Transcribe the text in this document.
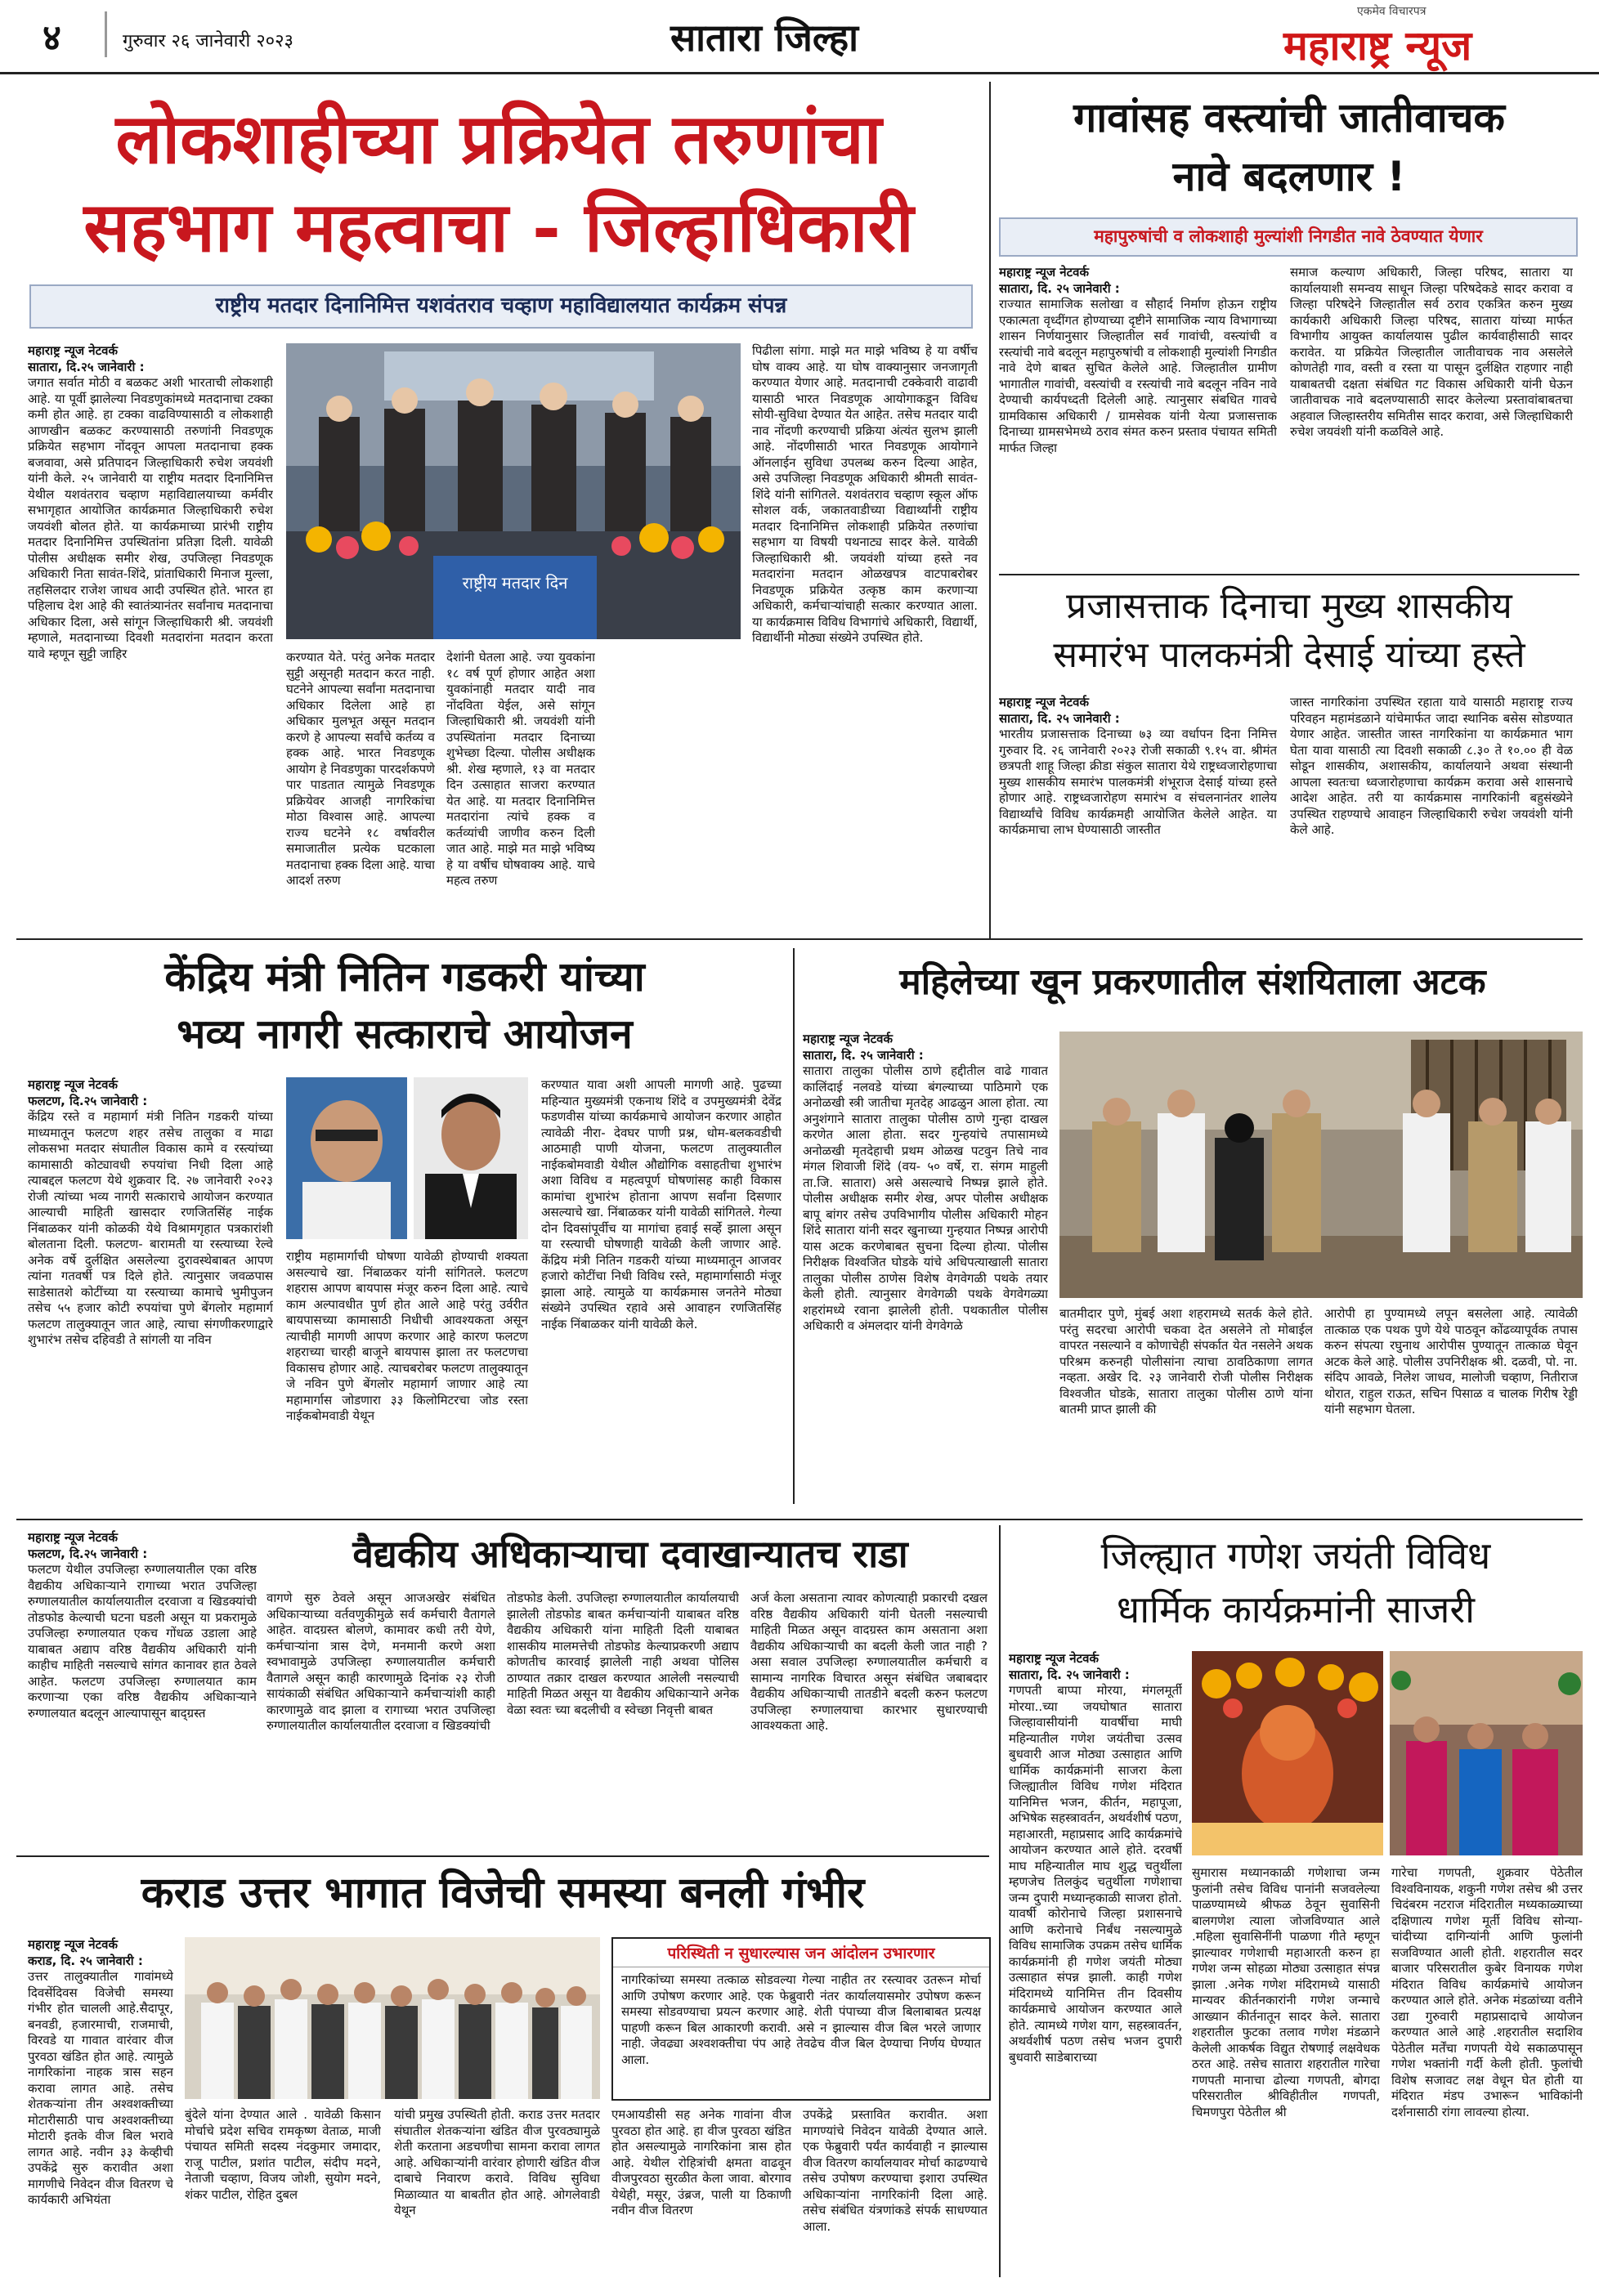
४	गुरुवार २६ जानेवारी २०२३	सातारा जिल्हा
एकमेव विचारपत्र
महाराष्ट्र न्यूज
लोकशाहीच्या प्रक्रियेत तरुणांचा
सहभाग महत्वाचा - जिल्हाधिकारी
राष्ट्रीय मतदार दिनानिमित्त यशवंतराव चव्हाण महाविद्यालयात कार्यक्रम संपन्न
महाराष्ट्र न्यूज नेटवर्क
सातारा, दि.२५ जानेवारी :
जगात सर्वात मोठी व बळकट अशी भारताची लोकशाही आहे. या पूर्वी झालेल्या निवडणुकांमध्ये मतदानाचा टक्का कमी होत आहे. हा टक्का वाढविण्यासाठी व लोकशाही आणखीन बळकट करण्यासाठी तरुणांनी निवडणूक प्रक्रियेत सहभाग नोंदवून आपला मतदानाचा हक्क बजवावा, असे प्रतिपादन जिल्हाधिकारी रुचेश जयवंशी यांनी केले. २५ जानेवारी या राष्ट्रीय मतदार दिनानिमित्त येथील यशवंतराव चव्हाण महाविद्यालयाच्या कर्मवीर सभागृहात आयोजित कार्यक्रमात जिल्हाधिकारी रुचेश जयवंशी बोलत होते. या कार्यक्रमाच्या प्रारंभी राष्ट्रीय मतदार दिनानिमित्त उपस्थितांना प्रतिज्ञा दिली. यावेळी पोलीस अधीक्षक समीर शेख, उपजिल्हा निवडणूक अधिकारी निता सावंत-शिंदे, प्रांताधिकारी मिनाज मुल्ला, तहसिलदार राजेश जाधव आदी उपस्थित होते. भारत हा पहिलाच देश आहे की स्वातंत्र्यानंतर सर्वांनाच मतदानाचा अधिकार दिला, असे सांगून जिल्हाधिकारी श्री. जयवंशी म्हणाले, मतदानाच्या दिवशी मतदारांना मतदान करता यावे म्हणून सुट्टी जाहिर
राष्ट्रीय मतदार दिन
करण्यात येते. परंतु अनेक मतदार सुट्टी असूनही मतदान करत नाही. घटनेने आपल्या सर्वांना मतदानाचा अधिकार दिलेला आहे हा अधिकार मुलभूत असून मतदान करणे हे आपल्या सर्वांचे कर्तव्य व हक्क आहे. भारत निवडणूक आयोग हे निवडणुका पारदर्शकपणे पार पाडतात त्यामुळे निवडणूक प्रक्रियेवर आजही नागरिकांचा मोठा विश्वास आहे. आपल्या राज्य घटनेने १८ वर्षावरील समाजातील प्रत्येक घटकाला मतदानाचा हक्क दिला आहे. याचा आदर्श तरुण
देशांनी घेतला आहे. ज्या युवकांना १८ वर्ष पूर्ण होणार आहेत अशा युवकांनाही मतदार यादी नाव नोंदविता येईल, असे सांगून जिल्हाधिकारी श्री. जयवंशी यांनी उपस्थितांना मतदार दिनाच्या शुभेच्छा दिल्या. पोलीस अधीक्षक श्री. शेख म्हणाले, १३ वा मतदार दिन उत्साहात साजरा करण्यात येत आहे. या मतदार दिनानिमित्त मतदारांना त्यांचे हक्क व कर्तव्यांची जाणीव करुन दिली जात आहे. माझे मत माझे भविष्य हे या वर्षीच घोषवाक्य आहे. याचे महत्व तरुण
पिढीला सांगा. माझे मत माझे भविष्य हे या वर्षीच घोष वाक्य आहे. या घोष वाक्यानुसार जनजागृती करण्यात येणार आहे. मतदानाची टक्केवारी वाढावी यासाठी भारत निवडणूक आयोगाकडून विविध सोयी-सुविधा देण्यात येत आहेत. तसेच मतदार यादी नाव नोंदणी करण्याची प्रक्रिया अंत्यंत सुलभ झाली आहे. नोंदणीसाठी भारत निवडणूक आयोगाने ऑनलाईन सुविधा उपलब्ध करुन दिल्या आहेत, असे उपजिल्हा निवडणूक अधिकारी श्रीमती सावंत-शिंदे यांनी सांगितले. यशवंतराव चव्हाण स्कूल ऑफ सोशल वर्क, जकातवाडीच्या विद्यार्थ्यांनी राष्ट्रीय मतदार दिनानिमित्त लोकशाही प्रक्रियेत तरुणांचा सहभाग या विषयी पथनाट्य सादर केले. यावेळी जिल्हाधिकारी श्री. जयवंशी यांच्या हस्ते नव मतदारांना मतदान ओळखपत्र वाटपाबरोबर निवडणूक प्रक्रियेत उत्कृष्ठ काम करणाऱ्या अधिकारी, कर्मचाऱ्यांचाही सत्कार करण्यात आला. या कार्यक्रमास विविध विभागांचे अधिकारी, विद्यार्थी, विद्यार्थीनी मोठ्या संख्येने उपस्थित होते.
गावांसह वस्त्यांची जातीवाचक
नावे बदलणार !
महापुरुषांची व लोकशाही मुल्यांशी निगडीत नावे ठेवण्यात येणार
महाराष्ट्र न्यूज नेटवर्क
सातारा, दि. २५ जानेवारी :
राज्यात सामाजिक सलोखा व सौहार्द निर्माण होऊन राष्ट्रीय एकात्मता वृध्दींगत होण्याच्या दृष्टीने सामाजिक न्याय विभागाच्या शासन निर्णयानुसार जिल्हातील सर्व गावांची, वस्त्यांची व रस्त्यांची नावे बदलून महापुरुषांची व लोकशाही मुल्यांशी निगडीत नावे देणे बाबत सुचित केलेले आहे. जिल्हातील ग्रामीण भागातील गावांची, वस्त्यांची व रस्त्यांची नावे बदलून नविन नावे देण्याची कार्यपध्दती दिलेली आहे. त्यानुसार संबधित गावचे ग्रामविकास अधिकारी / ग्रामसेवक यांनी येत्या प्रजासत्ताक दिनाच्या ग्रामसभेमध्ये ठराव संमत करुन प्रस्ताव पंचायत समिती मार्फत जिल्हा
समाज कल्याण अधिकारी, जिल्हा परिषद, सातारा या कार्यालयाशी समन्वय साधून जिल्हा परिषदेकडे सादर करावा व जिल्हा परिषदेने जिल्हातील सर्व ठराव एकत्रित करुन मुख्य कार्यकारी अधिकारी जिल्हा परिषद, सातारा यांच्या मार्फत विभागीय आयुक्त कार्यालयास पुढील कार्यवाहीसाठी सादर करावेत. या प्रक्रियेत जिल्हातील जातीवाचक नाव असलेले कोणतेही गाव, वस्ती व रस्ता या पासून दुर्लक्षित राहणार नाही याबाबतची दक्षता संबंधित गट विकास अधिकारी यांनी घेऊन जातीवाचक नावे बदलण्यासाठी सादर केलेल्या प्रस्तावांबाबतचा अहवाल जिल्हास्तरीय समितीस सादर करावा, असे जिल्हाधिकारी रुचेश जयवंशी यांनी कळविले आहे.
प्रजासत्ताक दिनाचा मुख्य शासकीय
समारंभ पालकमंत्री देसाई यांच्या हस्ते
महाराष्ट्र न्यूज नेटवर्क
सातारा, दि. २५ जानेवारी :
भारतीय प्रजासत्ताक दिनाच्या ७३ व्या वर्धापन दिना निमित्त गुरुवार दि. २६ जानेवारी २०२३ रोजी सकाळी ९.१५ वा. श्रीमंत छत्रपती शाहू जिल्हा क्रीडा संकुल सातारा येथे राष्ट्रध्वजारोहणाचा मुख्य शासकीय समारंभ पालकमंत्री शंभूराज देसाई यांच्या हस्ते होणार आहे. राष्ट्रध्वजारोहण समारंभ व संचलनानंतर शालेय विद्यार्थ्यांचे विविध कार्यक्रमही आयोजित केलेले आहेत. या कार्यक्रमाचा लाभ घेण्यासाठी जास्तीत
जास्त नागरिकांना उपस्थित रहाता यावे यासाठी महाराष्ट्र राज्य परिवहन महामंडळाने यांचेमार्फत जादा स्थानिक बसेस सोडण्यात येणार आहेत. जास्तीत जास्त नागरिकांना या कार्यक्रमात भाग घेता यावा यासाठी त्या दिवशी सकाळी ८.३० ते १०.०० ही वेळ सोडून शासकीय, अशासकीय, कार्यालयाने अथवा संस्थानी आपला स्वतःचा ध्वजारोहणाचा कार्यक्रम करावा असे शासनाचे आदेश आहेत. तरी या कार्यक्रमास नागरिकांनी बहुसंख्येने उपस्थित राहण्याचे आवाहन जिल्हाधिकारी रुचेश जयवंशी यांनी केले आहे.
केंद्रिय मंत्री नितिन गडकरी यांच्या
भव्य नागरी सत्काराचे आयोजन
महाराष्ट्र न्यूज नेटवर्क
फलटण, दि.२५ जानेवारी :
केंद्रिय रस्ते व महामार्ग मंत्री नितिन गडकरी यांच्या माध्यमातून फलटण शहर तसेच तालुका व माढा लोकसभा मतदार संघातील विकास कामे व रस्त्यांच्या कामासाठी कोट्यावधी रुपयांचा निधी दिला आहे त्याबद्दल फलटण येथे शुक्रवार दि. २७ जानेवारी २०२३ रोजी त्यांच्या भव्य नागरी सत्काराचे आयोजन करण्यात आल्याची माहिती खासदार रणजितसिंह नाईक निंबाळकर यांनी कोळकी येथे विश्रामगृहात पत्रकारांशी बोलताना दिली. फलटण- बारामती या रस्त्याच्या रेल्वे अनेक वर्षे दुर्लक्षित असलेल्या दुरावस्थेबाबत आपण त्यांना गतवर्षी पत्र दिले होते. त्यानुसार जवळपास साडेसातशे कोटींच्या या रस्त्याच्या कामाचे भुमीपुजन तसेच ५५ हजार कोटी रुपयांचा पुणे बेंगलोर महामार्ग फलटण तालुक्यातून जात आहे, त्याचा संगणीकरणाद्वारे शुभारंभ तसेच दहिवडी ते सांगली या नविन
राष्ट्रीय महामार्गाची घोषणा यावेळी होण्याची शक्यता असल्याचे खा. निंबाळकर यांनी सांगितले. फलटण शहरास आपण बायपास मंजूर करुन दिला आहे. त्याचे काम अल्पावधीत पुर्ण होत आले आहे परंतु उर्वरीत बायपासच्या कामासाठी निधीची आवश्यकता असून त्याचीही मागणी आपण करणार आहे कारण फलटण शहराच्या चारही बाजूने बायपास झाला तर फलटणचा विकासच होणार आहे. त्याचबरोबर फलटण तालुक्यातून जे नविन पुणे बेंगलोर महामार्ग जाणार आहे त्या महामार्गास जोडणारा ३३ किलोमिटरचा जोड रस्ता नाईकबोमवाडी येथून
करण्यात यावा अशी आपली मागणी आहे. पुढच्या महिन्यात मुख्यमंत्री एकनाथ शिंदे व उपमुख्यमंत्री देवेंद्र फडणवीस यांच्या कार्यक्रमाचे आयोजन करणार आहोत त्यावेळी नीरा- देवघर पाणी प्रश्न, धोम-बलकवडीची आठमाही पाणी योजना, फलटण तालुक्यातील नाईकबोमवाडी येथील औद्योगिक वसाहतीचा शुभारंभ अशा विविध व महत्वपूर्ण घोषणांसह काही विकास कामांचा शुभारंभ होताना आपण सर्वांना दिसणार असल्याचे खा. निंबाळकर यांनी यावेळी सांगितले. गेल्या दोन दिवसांपूर्वीच या मागांचा हवाई सर्व्हे झाला असून या रस्त्याची घोषणाही यावेळी केली जाणार आहे. केंद्रिय मंत्री नितिन गडकरी यांच्या माध्यमातून आजवर हजारो कोटींचा निधी विविध रस्ते, महामार्गासाठी मंजूर झाला आहे. त्यामुळे या कार्यक्रमास जनतेने मोठ्या संख्येने उपस्थित रहावे असे आवाहन रणजितसिंह नाईक निंबाळकर यांनी यावेळी केले.
महिलेच्या खून प्रकरणातील संशयिताला अटक
महाराष्ट्र न्यूज नेटवर्क
सातारा, दि. २५ जानेवारी :
सातारा तालुका पोलीस ठाणे हद्दीतील वाढे गावात कालिंदाई नलवडे यांच्या बंगल्याच्या पाठिमागे एक अनोळखी स्त्री जातीचा मृतदेह आढळुन आला होता. त्या अनुशंगाने सातारा तालुका पोलीस ठाणे गुन्हा दाखल करणेत आला होता. सदर गुन्हयांचे तपासामध्ये अनोळखी मृतदेहाची प्रथम ओळख पटवुन तिचे नाव मंगल शिवाजी शिंदे (वय- ५० वर्षे, रा. संगम माहुली ता.जि. सातारा) असे असल्याचे निष्पन्न झाले होते. पोलीस अधीक्षक समीर शेख, अपर पोलीस अधीक्षक बापू बांगर तसेच उपविभागीय पोलीस अधिकारी मोहन शिंदे सातारा यांनी सदर खुनाच्या गुन्हयात निष्पन्न आरोपी यास अटक करणेबाबत सुचना दिल्या होत्या. पोलीस निरीक्षक विश्वजित घोडके यांचे अधिपत्याखाली सातारा तालुका पोलीस ठाणेस विशेष वेगवेगळी पथके तयार केली होती. त्यानुसार वेगवेगळी पथके वेगवेगळ्या शहरांमध्ये रवाना झालेली होती. पथकातील पोलीस अधिकारी व अंमलदार यांनी वेगवेगळे
बातमीदार पुणे, मुंबई अशा शहरामध्ये सतर्क केले होते. परंतु सदरचा आरोपी चकवा देत असलेने तो मोबाईल वापरत नसल्याने व कोणाचेही संपर्कात येत नसलेने अथक परिश्रम करुनही पोलीसांना त्याचा ठावठिकाणा लागत नव्हता. अखेर दि. २३ जानेवारी रोजी पोलीस निरीक्षक विश्वजीत घोडके, सातारा तालुका पोलीस ठाणे यांना बातमी प्राप्त झाली की
आरोपी हा पुण्यामध्ये लपून बसलेला आहे. त्यावेळी तात्काळ एक पथक पुणे येथे पाठवून कोंढव्यापूर्वक तपास करुन संपत्या रघुनाथ आरोपीस पुण्यातून तात्काळ घेवून अटक केले आहे. पोलीस उपनिरीक्षक श्री. दळवी, पो. ना. संदिप आवळे, निलेश जाधव, मालोजी चव्हाण, नितीराज थोरात, राहुल राऊत, सचिन पिसाळ व चालक गिरीष रेड्डी यांनी सहभाग घेतला.
महाराष्ट्र न्यूज नेटवर्क
फलटण, दि.२५ जानेवारी :
फलटण येथील उपजिल्हा रुग्णालयातील एका वरिष्ठ वैद्यकीय अधिकाऱ्याने रागाच्या भरात उपजिल्हा रुग्णालयातील कार्यालयातील दरवाजा व खिडक्यांची तोडफोड केल्याची घटना घडली असून या प्रकरामुळे उपजिल्हा रुग्णालयात एकच गोंधळ उडाला आहे याबाबत अद्याप वरिष्ठ वैद्यकीय अधिकारी यांनी काहीच माहिती नसल्याचे सांगत कानावर हात ठेवले आहेत. फलटण उपजिल्हा रुग्णालयात काम करणाऱ्या एका वरिष्ठ वैद्यकीय अधिकाऱ्याने रुग्णालयात बदलून आल्यापासून बाद्ग्रस्त
वैद्यकीय अधिकाऱ्याचा दवाखान्यातच राडा
वागणे सुरु ठेवले असून आजअखेर संबंधित अधिकाऱ्याच्या वर्तवणुकीमुळे सर्व कर्मचारी वैतागले आहेत. वादग्रस्त बोलणे, कामावर कधी तरी येणे, कर्मचाऱ्यांना त्रास देणे, मनमानी करणे अशा स्वभावामुळे उपजिल्हा रुग्णालयातील कर्मचारी वैतागले असून काही कारणामुळे दिनांक २३ रोजी सायंकाळी संबंधित अधिकाऱ्याने कर्मचाऱ्यांशी काही कारणामुळे वाद झाला व रागाच्या भरात उपजिल्हा रुग्णालयातील कार्यालयातील दरवाजा व खिडक्यांची
तोडफोड केली. उपजिल्हा रुग्णालयातील कार्यालयाची झालेली तोडफोड बाबत कर्मचाऱ्यांनी याबाबत वरिष्ठ वैद्यकीय अधिकारी यांना माहिती दिली याबाबत शासकीय मालमत्तेची तोडफोड केल्याप्रकरणी अद्याप कोणतीच कारवाई झालेली नाही अथवा पोलिस ठाण्यात तक्रार दाखल करण्यात आलेली नसल्याची माहिती मिळत असून या वैद्यकीय अधिकाऱ्याने अनेक वेळा स्वतः च्या बदलीची व स्वेच्छा निवृत्ती बाबत
अर्ज केला असताना त्यावर कोणत्याही प्रकारची दखल वरिष्ठ वैद्यकीय अधिकारी यांनी घेतली नसल्याची माहिती मिळत असून वादग्रस्त काम असताना अशा वैद्यकीय अधिकाऱ्याची का बदली केली जात नाही ? असा सवाल उपजिल्हा रुग्णालयातील कर्मचारी व सामान्य नागरिक विचारत असून संबंधित जबाबदार वैद्यकीय अधिकाऱ्याची तातडीने बदली करुन फलटण उपजिल्हा रुग्णालयाचा कारभार सुधारण्याची आवश्यकता आहे.
जिल्ह्यात गणेश जयंती विविध
धार्मिक कार्यक्रमांनी साजरी
महाराष्ट्र न्यूज नेटवर्क
सातारा, दि. २५ जानेवारी :
गणपती बाप्पा मोरया, मंगलमूर्ती मोरया..च्या जयघोषात सातारा जिल्हावासीयांनी यावर्षीचा माघी महिन्यातील गणेश जयंतीचा उत्सव बुधवारी आज मोठ्या उत्साहात आणि धार्मिक कार्यक्रमांनी साजरा केला जिल्ह्यातील विविध गणेश मंदिरात यानिमित्त भजन, कीर्तन, महापूजा, अभिषेक सहस्त्रावर्तन, अथर्वशीर्ष पठण, महाआरती, महाप्रसाद आदि कार्यक्रमांचे आयोजन करण्यात आले होते. दरवर्षी माघ महिन्यातील माघ शुद्ध चतुर्थीला म्हणजेच तिलकुंद चतुर्थीला गणेशाचा जन्म दुपारी मध्यान्हकाळी साजरा होतो. यावर्षी कोरोनाचे जिल्हा प्रशासनाचे आणि करोनाचे निर्बंध नसल्यामुळे विविध सामाजिक उपक्रम तसेच धार्मिक कार्यक्रमांनी ही गणेश जयंती मोठ्या उत्साहात संपन्न झाली. काही गणेश मंदिरामध्ये यानिमित्त तीन दिवसीय कार्यक्रमाचे आयोजन करण्यात आले होते. त्यामध्ये गणेश याग, सहस्त्रावर्तन, अथर्वशीर्ष पठण तसेच भजन दुपारी बुधवारी साडेबाराच्या
सुमारास मध्यानकाळी गणेशाचा जन्म फुलांनी तसेच विविध पानांनी सजवलेल्या पाळण्यामध्ये श्रीफळ ठेवून सुवासिनी बालगणेश त्याला जोजविण्यात आले .महिला सुवासिनींनी पाळणा गीते म्हणून झाल्यावर गणेशाची महाआरती करुन हा गणेश जन्म सोहळा मोठ्या उत्साहात संपन्न झाला .अनेक गणेश मंदिरामध्ये यासाठी मान्यवर कीर्तनकारांनी गणेश जन्माचे आख्यान कीर्तनातून सादर केले. सातारा शहरातील फुटका तलाव गणेश मंडळाने केलेली आकर्षक विद्युत रोषणाई लक्षवेधक ठरत आहे. तसेच सातारा शहरातील गारेचा गणपती मानाचा ढोल्या गणपती, बोगदा परिसरातील श्रीविहीतील गणपती, चिमणपुरा पेठेतील श्री
गारेचा गणपती, शुक्रवार पेठेतील विश्वविनायक, शकुनी गणेश तसेच श्री उत्तर चिदंबरम नटराज मंदिरातील मध्यकाळ्याच्या दक्षिणात्य गणेश मूर्ती विविध सोन्या-चांदीच्या दागिन्यांनी आणि फुलांनी सजविण्यात आली होती. शहरातील सदर बाजार परिसरातील कुबेर विनायक गणेश मंदिरात विविध कार्यक्रमांचे आयोजन करण्यात आले होते. अनेक मंडळांच्या वतीने उद्या गुरुवारी महाप्रसादाचे आयोजन करण्यात आले आहे .शहरातील सदाशिव पेठेतील मर्तेंचा गणपती येथे सकाळपासून गणेश भक्तांनी गर्दी केली होती. फुलांची विशेष सजावट लक्ष वेधून घेत होती या मंदिरात मंडप उभारून भाविकांनी दर्शनासाठी रांगा लावल्या होत्या.
कराड उत्तर भागात विजेची समस्या बनली गंभीर
महाराष्ट्र न्यूज नेटवर्क
कराड, दि. २५ जानेवारी :
उत्तर तालुक्यातील गावांमध्ये दिवसेंदिवस विजेची समस्या गंभीर होत चालली आहे.सैदापूर, बनवडी, हजारमाची, राजमाची, विरवडे या गावात वारंवार वीज पुरवठा खंडित होत आहे. त्यामुळे नागरिकांना नाहक त्रास सहन करावा लागत आहे. तसेच शेतकऱ्यांना तीन अश्वशक्तीच्या मोटारीसाठी पाच अश्वशक्तीच्या मोटारी इतके वीज बिल भरावे लागत आहे. नवीन ३३ केव्हीची उपकेंद्रे सुरु करावीत अशा मागणीचे निवेदन वीज वितरण चे कार्यकारी अभियंता
बुंदेले यांना देण्यात आले . यावेळी किसान मोर्चाचे प्रदेश सचिव रामकृष्ण वेताळ, माजी पंचायत समिती सदस्य नंदकुमार जमादार, राजू पाटील, प्रशांत पाटील, संदीप मदने, नेताजी चव्हाण, विजय जोशी, सुयोग मदने, शंकर पाटील, रोहित दुबल
यांची प्रमुख उपस्थिती होती. कराड उत्तर मतदार संघातील शेतकऱ्यांना खंडित वीज पुरवठ्यामुळे शेती करताना अडचणीचा सामना करावा लागत आहे. अधिकाऱ्यांनी वारंवार होणारी खंडित वीज दाबाचे निवारण करावे. विविध सुविधा मिळाव्यात या बाबतीत होत आहे. ओगलेवाडी येथून
परिस्थिती न सुधारल्यास जन आंदोलन उभारणार
नागरिकांच्या समस्या तत्काळ सोडवल्या गेल्या नाहीत तर रस्त्यावर उतरून मोर्चा आणि उपोषण करणार आहे. एक फेब्रुवारी नंतर कार्यालयासमोर उपोषण करून समस्या सोडवण्याचा प्रयत्न करणार आहे. शेती पंपाच्या वीज बिलाबाबत प्रत्यक्ष पाहणी करून बिल आकारणी करावी. असे न झाल्यास वीज बिल भरले जाणार नाही. जेवढ्या अश्वशक्तीचा पंप आहे तेवढेच वीज बिल देण्याचा निर्णय घेण्यात आला.
एमआयडीसी सह अनेक गावांना वीज पुरवठा होत आहे. हा वीज पुरवठा खंडित होत असल्यामुळे नागरिकांना त्रास होत आहे. येथील रोहित्रांची क्षमता वाढवून वीजपुरवठा सुरळीत केला जावा. बोरगाव येथेही, मसूर, उंब्रज, पाली या ठिकाणी नवीन वीज वितरण
उपकेंद्रे प्रस्तावित करावीत. अशा मागण्यांचे निवेदन यावेळी देण्यात आले. एक फेब्रुवारी पर्यंत कार्यवाही न झाल्यास वीज वितरण कार्यालयावर मोर्चा काढण्याचे तसेच उपोषण करण्याचा इशारा उपस्थित अधिकाऱ्यांना नागरिकांनी दिला आहे. तसेच संबंधित यंत्रणांकडे संपर्क साधण्यात आला.
